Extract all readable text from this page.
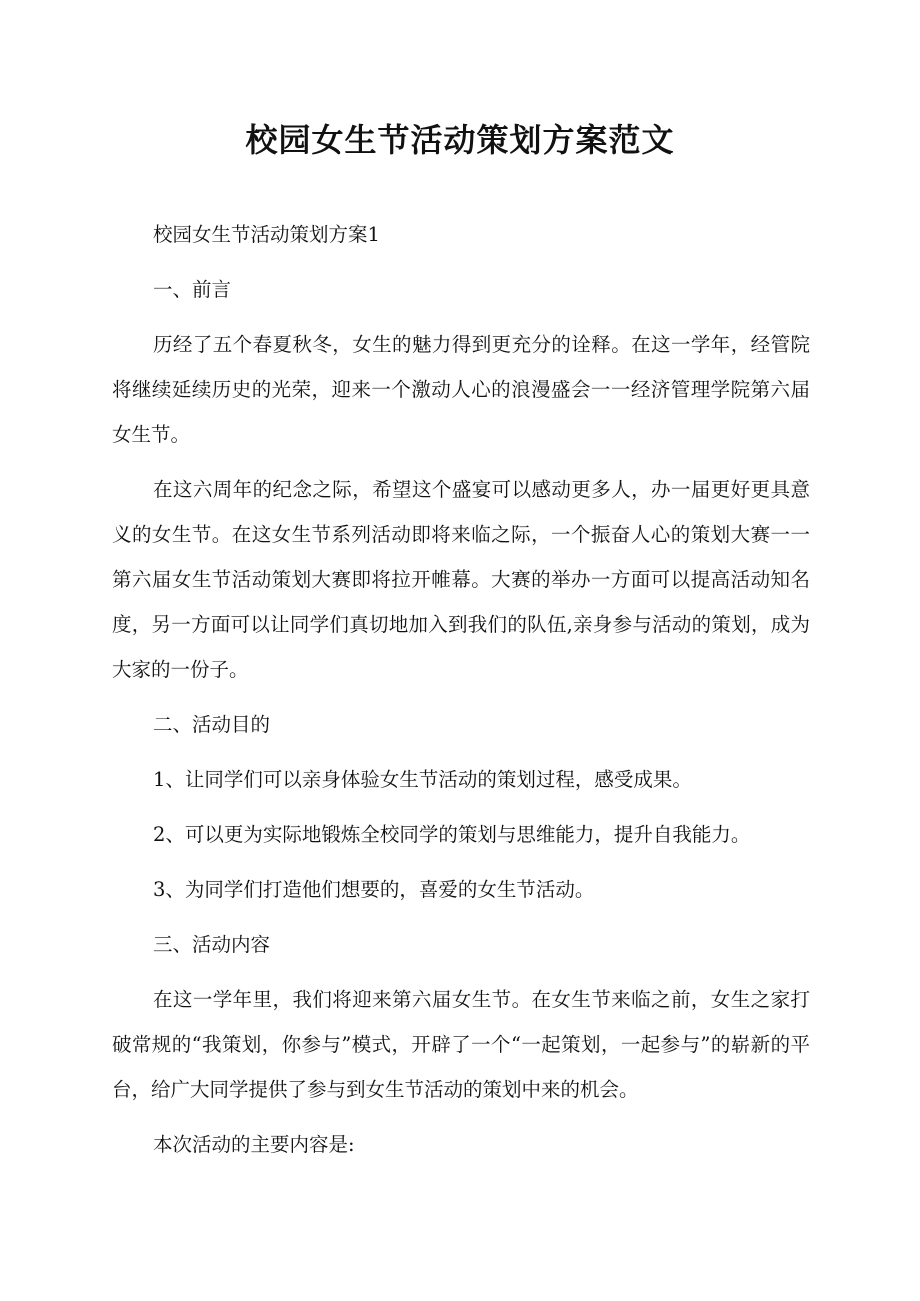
校园女生节活动策划方案范文

校园女生节活动策划方案1

一、前言

历经了五个春夏秋冬，女生的魅力得到更充分的诠释。在这一学年，经管院将继续延续历史的光荣，迎来一个激动人心的浪漫盛会一一经济管理学院第六届女生节。

在这六周年的纪念之际，希望这个盛宴可以感动更多人，办一届更好更具意义的女生节。在这女生节系列活动即将来临之际，一个振奋人心的策划大赛一一第六届女生节活动策划大赛即将拉开帷幕。大赛的举办一方面可以提高活动知名度，另一方面可以让同学们真切地加入到我们的队伍,亲身参与活动的策划，成为大家的一份子。

二、活动目的

1、让同学们可以亲身体验女生节活动的策划过程，感受成果。

2、可以更为实际地锻炼全校同学的策划与思维能力，提升自我能力。

3、为同学们打造他们想要的，喜爱的女生节活动。

三、活动内容

在这一学年里，我们将迎来第六届女生节。在女生节来临之前，女生之家打破常规的“我策划，你参与”模式，开辟了一个“一起策划，一起参与”的崭新的平台，给广大同学提供了参与到女生节活动的策划中来的机会。

本次活动的主要内容是:
